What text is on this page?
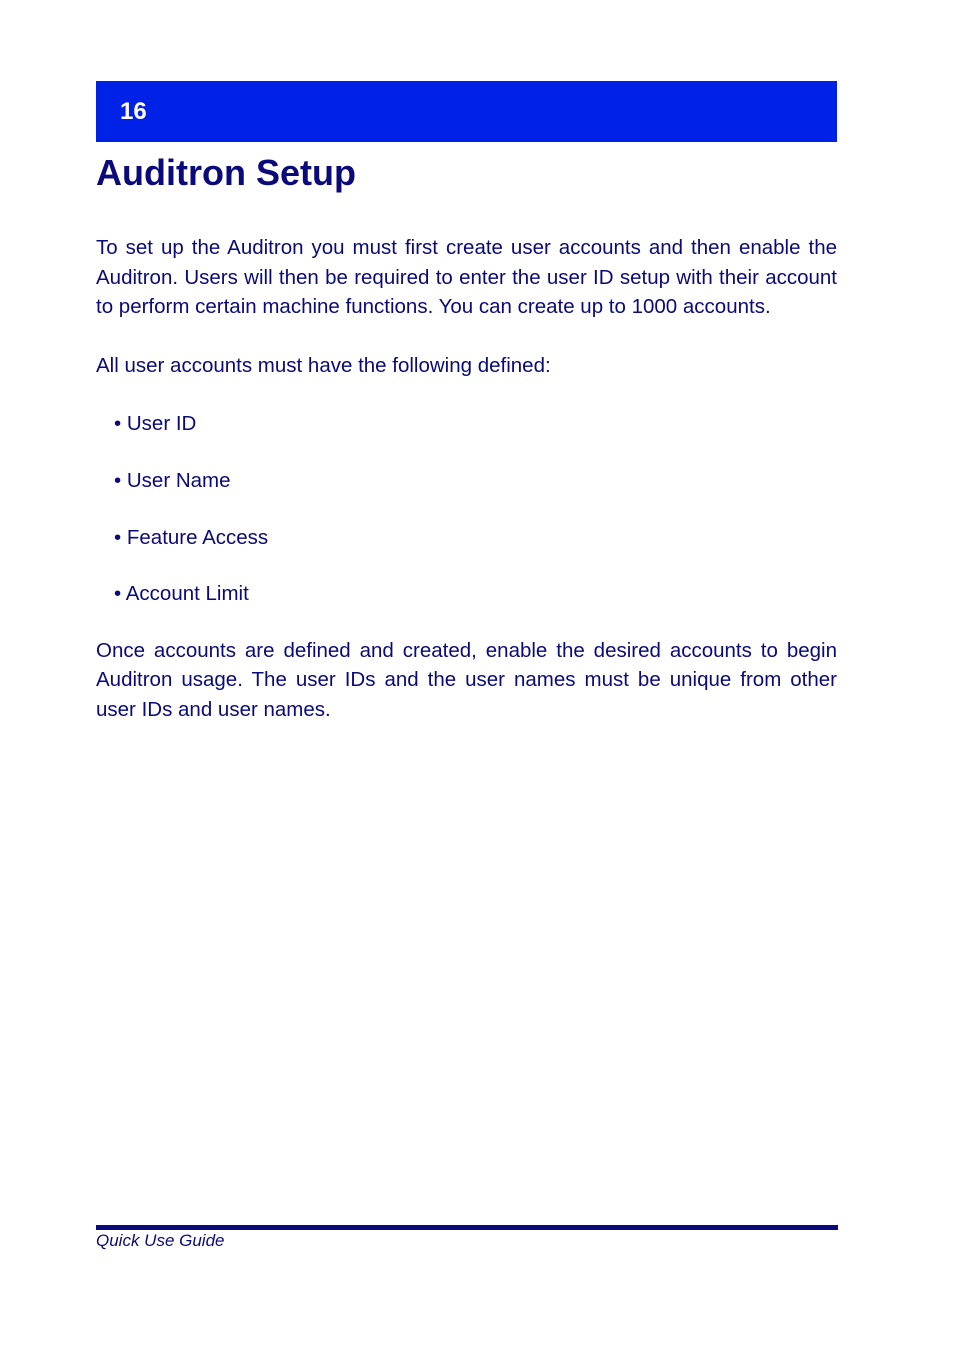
16
Auditron Setup

To set up the Auditron you must first create user accounts and then enable the Auditron. Users will then be required to enter the user ID setup with their account to perform certain machine functions. You can create up to 1000 accounts.

All user accounts must have the following defined:

• User ID
• User Name
• Feature Access
• Account Limit

Once accounts are defined and created, enable the desired accounts to begin Auditron usage. The user IDs and the user names must be unique from other user IDs and user names.

Quick Use Guide
